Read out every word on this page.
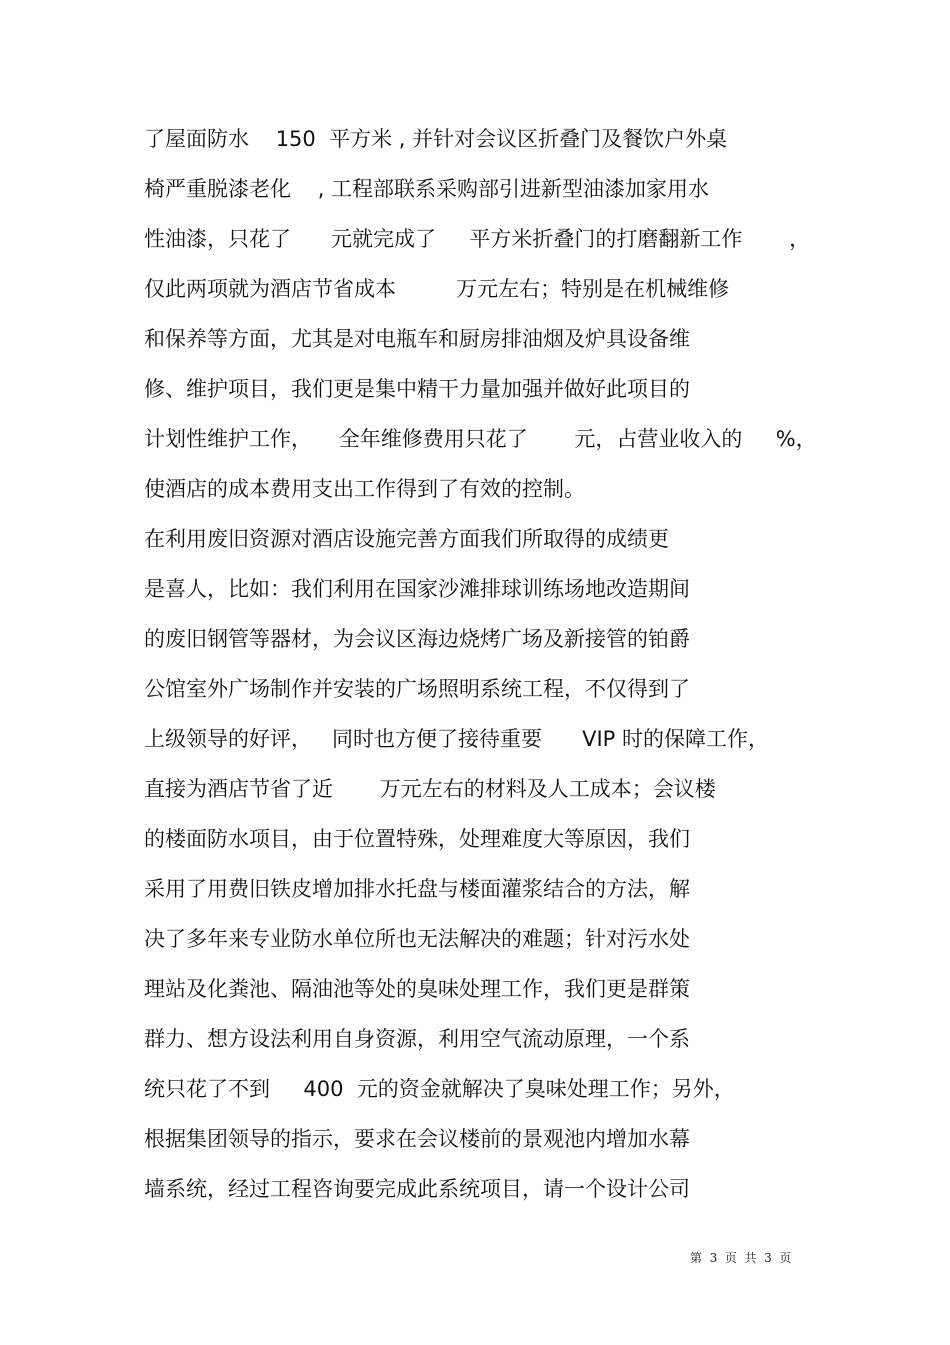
了屋面防水    150  平方米 , 并针对会议区折叠门及餐饮户外桌
椅严重脱漆老化    , 工程部联系采购部引进新型油漆加家用水
性油漆，只花了      元就完成了     平方米折叠门的打磨翻新工作       ，
仅此两项就为酒店节省成本         万元左右；特别是在机械维修
和保养等方面，尤其是对电瓶车和厨房排油烟及炉具设备维
修、维护项目，我们更是集中精干力量加强并做好此项目的
计划性维护工作，    全年维修费用只花了       元，占营业收入的     %，
使酒店的成本费用支出工作得到了有效的控制。
在利用废旧资源对酒店设施完善方面我们所取得的成绩更
是喜人，比如：我们利用在国家沙滩排球训练场地改造期间
的废旧钢管等器材，为会议区海边烧烤广场及新接管的铂爵
公馆室外广场制作并安装的广场照明系统工程，不仅得到了
上级领导的好评，   同时也方便了接待重要      VIP 时的保障工作，
直接为酒店节省了近       万元左右的材料及人工成本；会议楼
的楼面防水项目，由于位置特殊，处理难度大等原因，我们
采用了用费旧铁皮增加排水托盘与楼面灌浆结合的方法，解
决了多年来专业防水单位所也无法解决的难题；针对污水处
理站及化粪池、隔油池等处的臭味处理工作，我们更是群策
群力、想方设法利用自身资源，利用空气流动原理，一个系
统只花了不到     400  元的资金就解决了臭味处理工作；另外，
根据集团领导的指示，要求在会议楼前的景观池内增加水幕
墙系统，经过工程咨询要完成此系统项目，请一个设计公司
第  3  页  共  3  页
